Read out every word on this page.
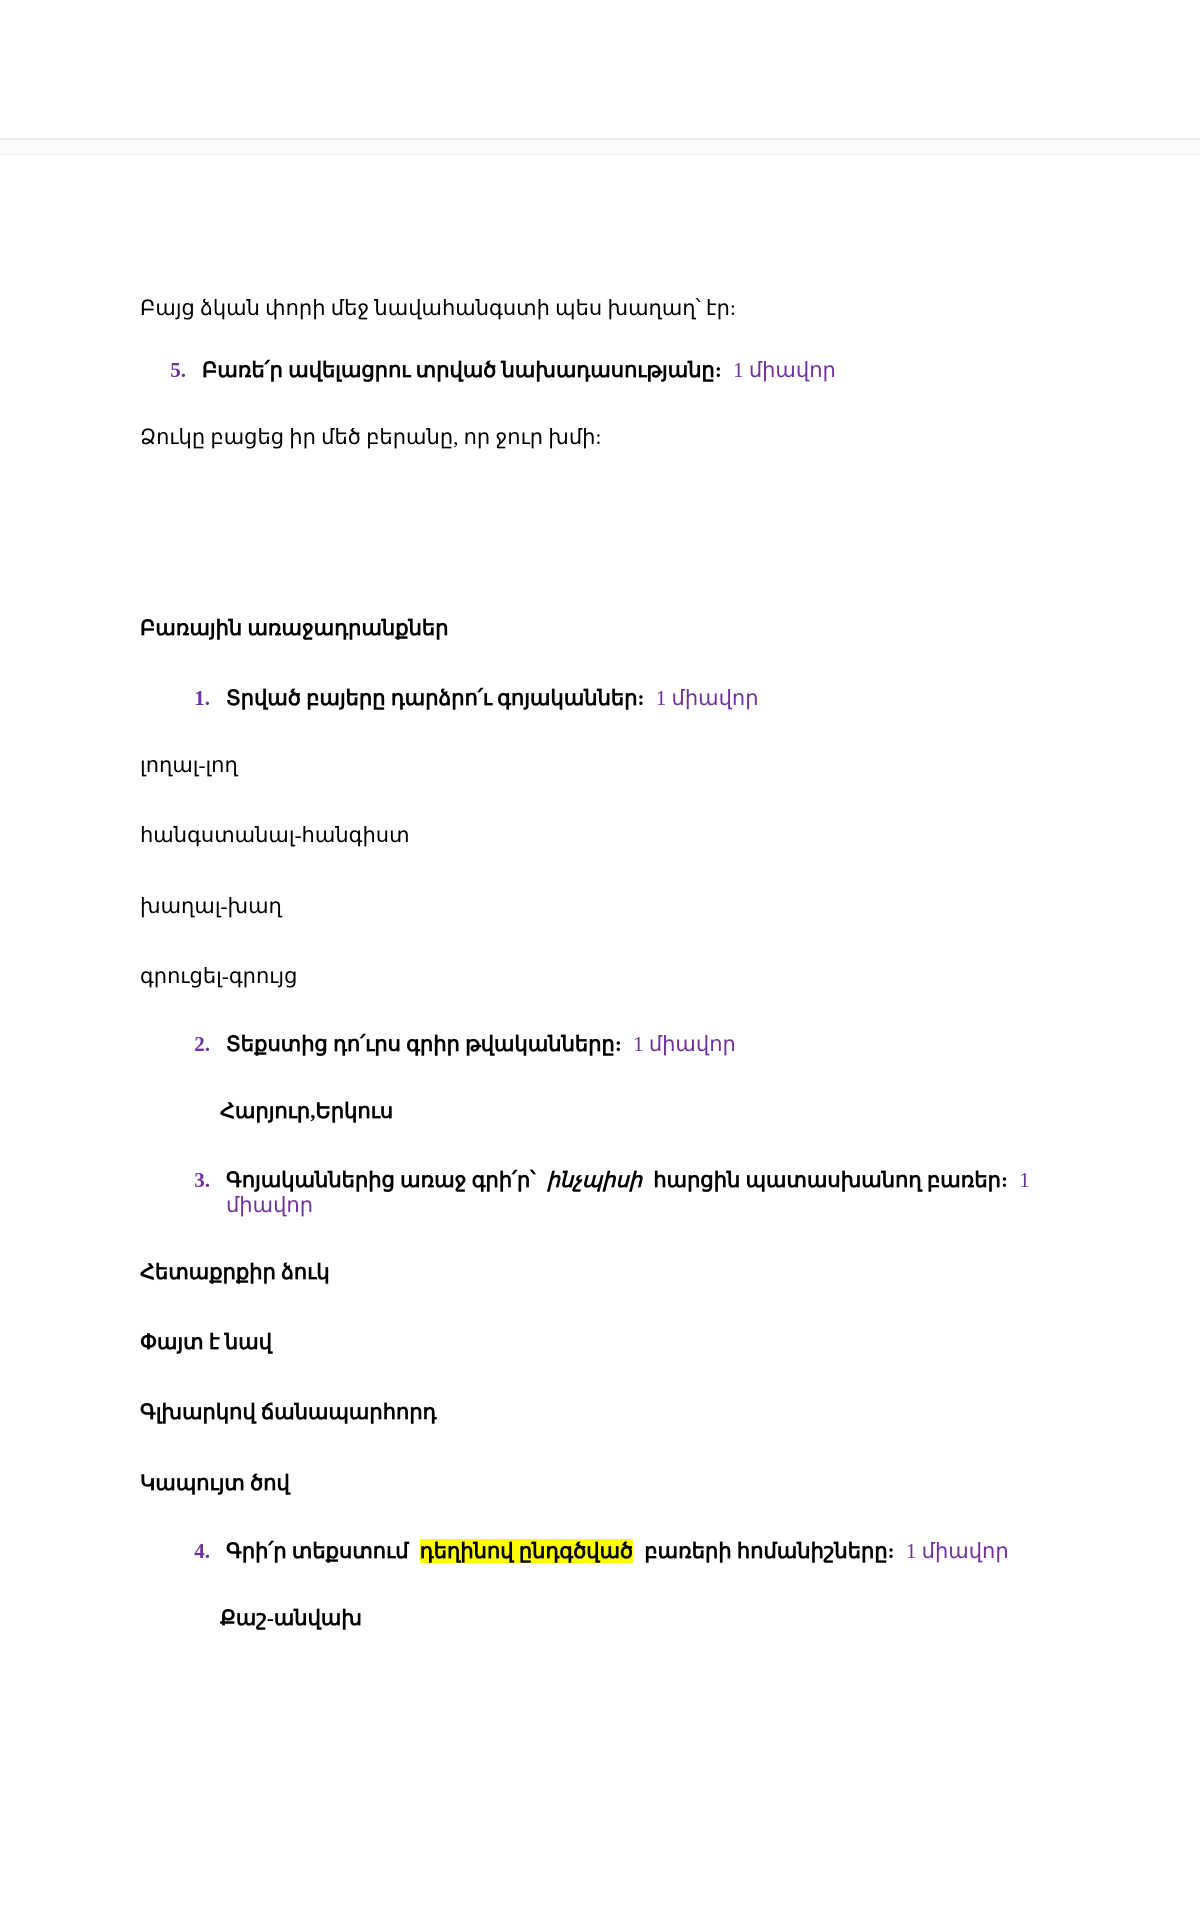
Բայց ձկան փորի մեջ նավահանգստի պես խաղաղ՝ էր:

5. Բառե՛ր ավելացրու տրված նախադասությանը: 1 միավոր

Ձուկը բացեց իր մեծ բերանը, որ ջուր խմի:

Բառային առաջադրանքներ

1. Տրված բայերը դարձրո՛ւ գոյականներ: 1 միավոր

լողալ-լող

հանգստանալ-հանգիստ

խաղալ-խաղ

գրուցել-գրույց

2. Տեքստից դո՛ւրս գրիր թվականները: 1 միավոր

Հարյուր,Երկուս

3. Գոյականներից առաջ գրի՛ր՝ ինչպիսի հարցին պատասխանող բառեր: 1 միավոր

Հետաքրքիր ձուկ

Փայտ է նավ

Գլխարկով ճանապարհորդ

Կապույտ ծով

4. Գրի՛ր տեքստում դեղինով ընդգծված բառերի հոմանիշները: 1 միավոր

Քաշ-անվախ
